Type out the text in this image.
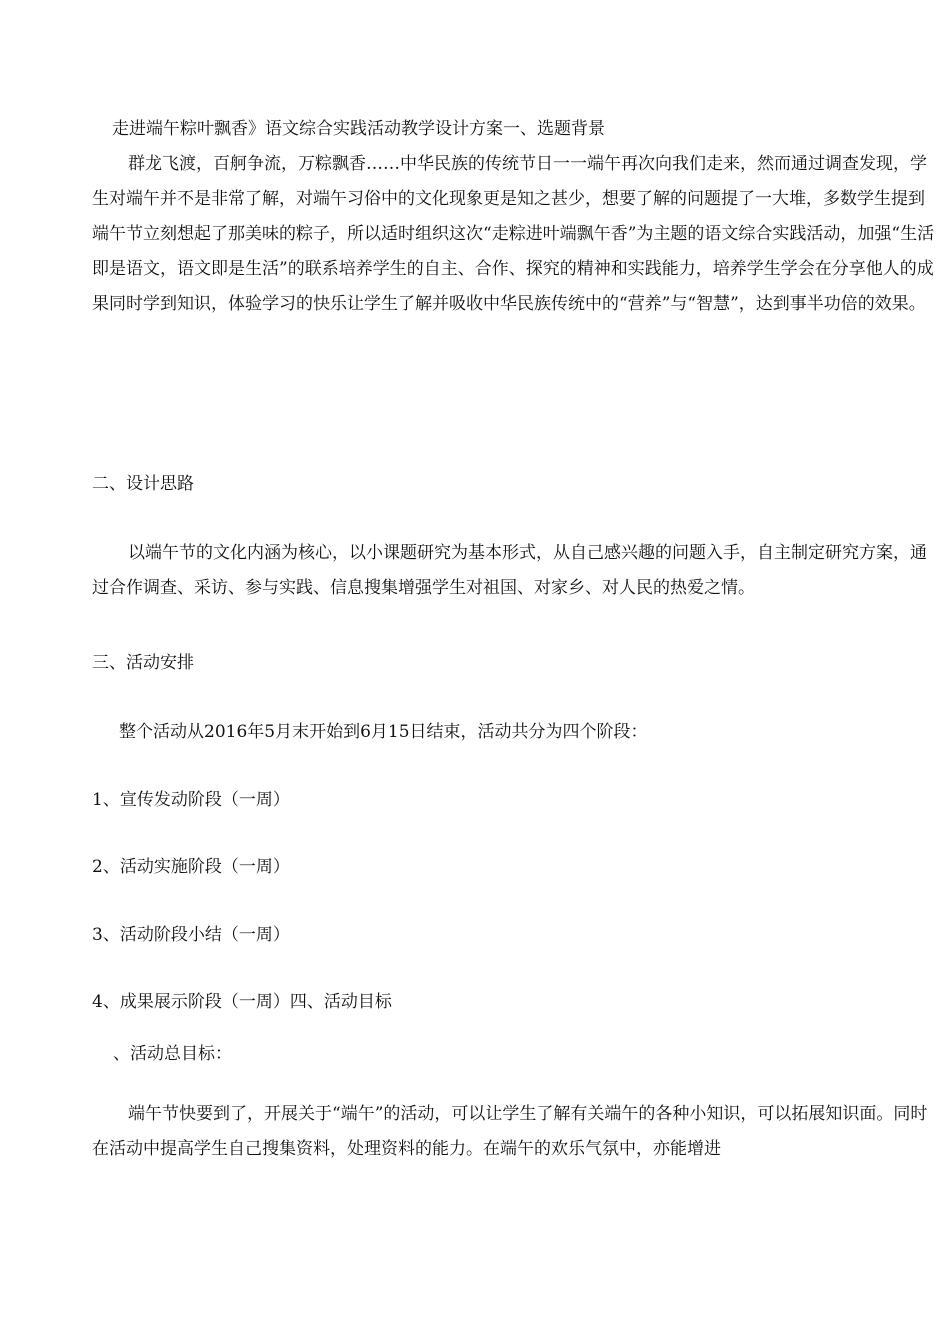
走进端午粽叶飘香》语文综合实践活动教学设计方案一、选题背景

群龙飞渡，百舸争流，万粽飘香……中华民族的传统节日一一端午再次向我们走来，然而通过调查发现，学生对端午并不是非常了解，对端午习俗中的文化现象更是知之甚少，想要了解的问题提了一大堆，多数学生提到端午节立刻想起了那美味的粽子，所以适时组织这次“走粽进叶端飘午香”为主题的语文综合实践活动，加强“生活即是语文，语文即是生活”的联系培养学生的自主、合作、探究的精神和实践能力，培养学生学会在分享他人的成果同时学到知识，体验学习的快乐让学生了解并吸收中华民族传统中的“营养”与“智慧”，达到事半功倍的效果。

二、设计思路

以端午节的文化内涵为核心，以小课题研究为基本形式，从自己感兴趣的问题入手，自主制定研究方案，通过合作调查、采访、参与实践、信息搜集增强学生对祖国、对家乡、对人民的热爱之情。

三、活动安排
整个活动从2016年5月末开始到6月15日结束，活动共分为四个阶段：
1、宣传发动阶段（一周）
2、活动实施阶段（一周）
3、活动阶段小结（一周）
4、成果展示阶段（一周）四、活动目标
、活动总目标：

端午节快要到了，开展关于“端午”的活动，可以让学生了解有关端午的各种小知识，可以拓展知识面。同时在活动中提高学生自己搜集资料，处理资料的能力。在端午的欢乐气氛中，亦能增进
